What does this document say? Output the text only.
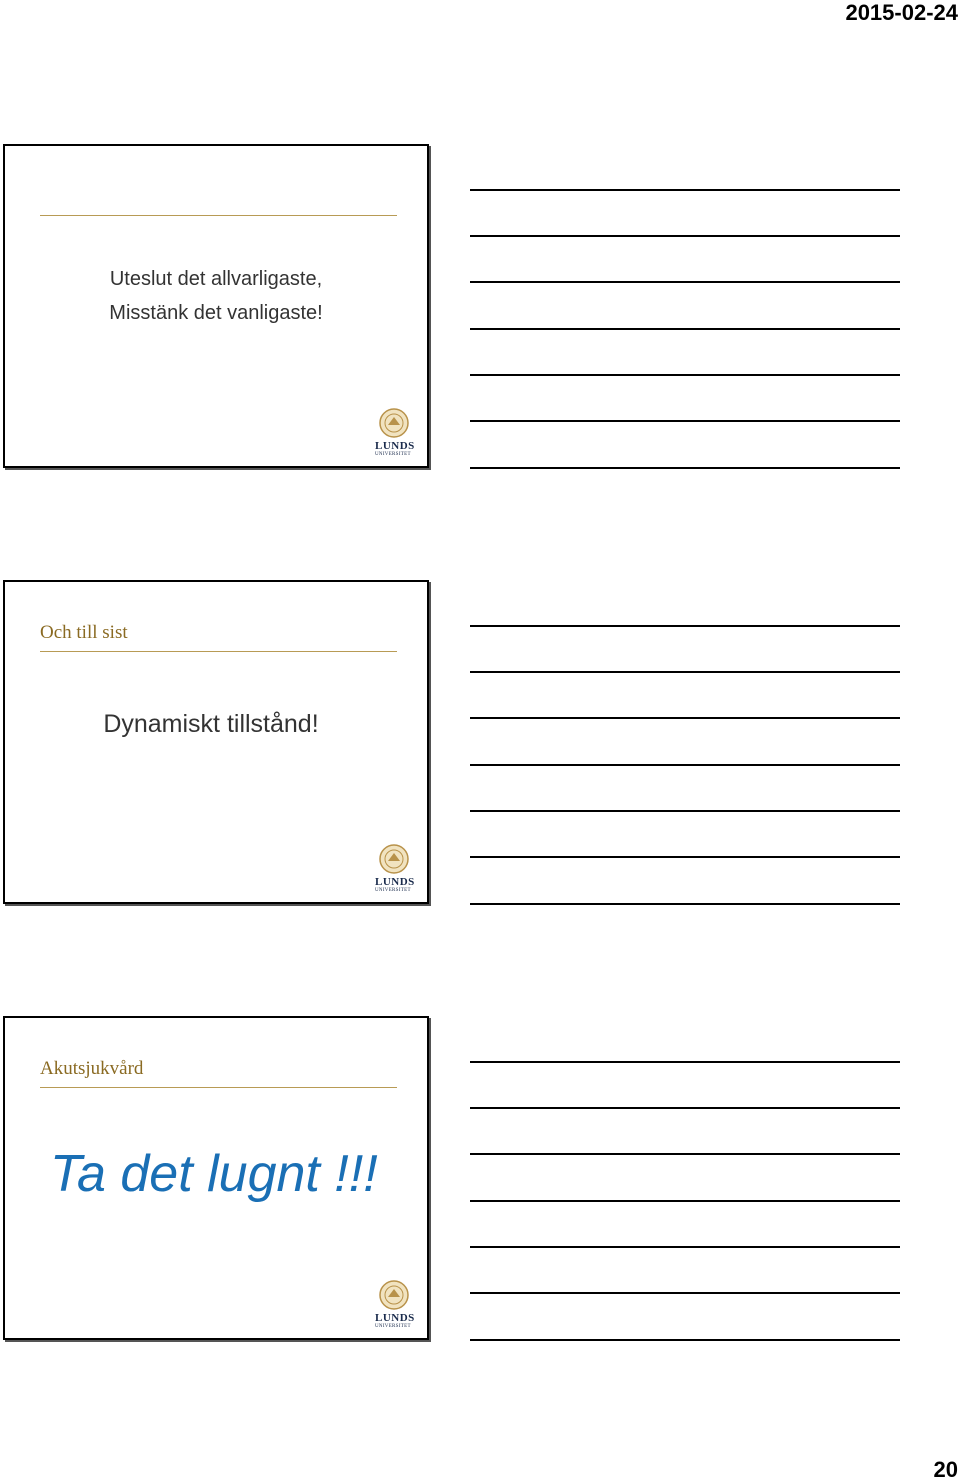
2015-02-24
Uteslut det allvarligaste,
Misstänk det vanligaste!
LUNDS
UNIVERSITET
Och till sist
Dynamiskt tillstånd!
LUNDS
UNIVERSITET
Akutsjukvård
Ta det lugnt !!!
LUNDS
UNIVERSITET
20
